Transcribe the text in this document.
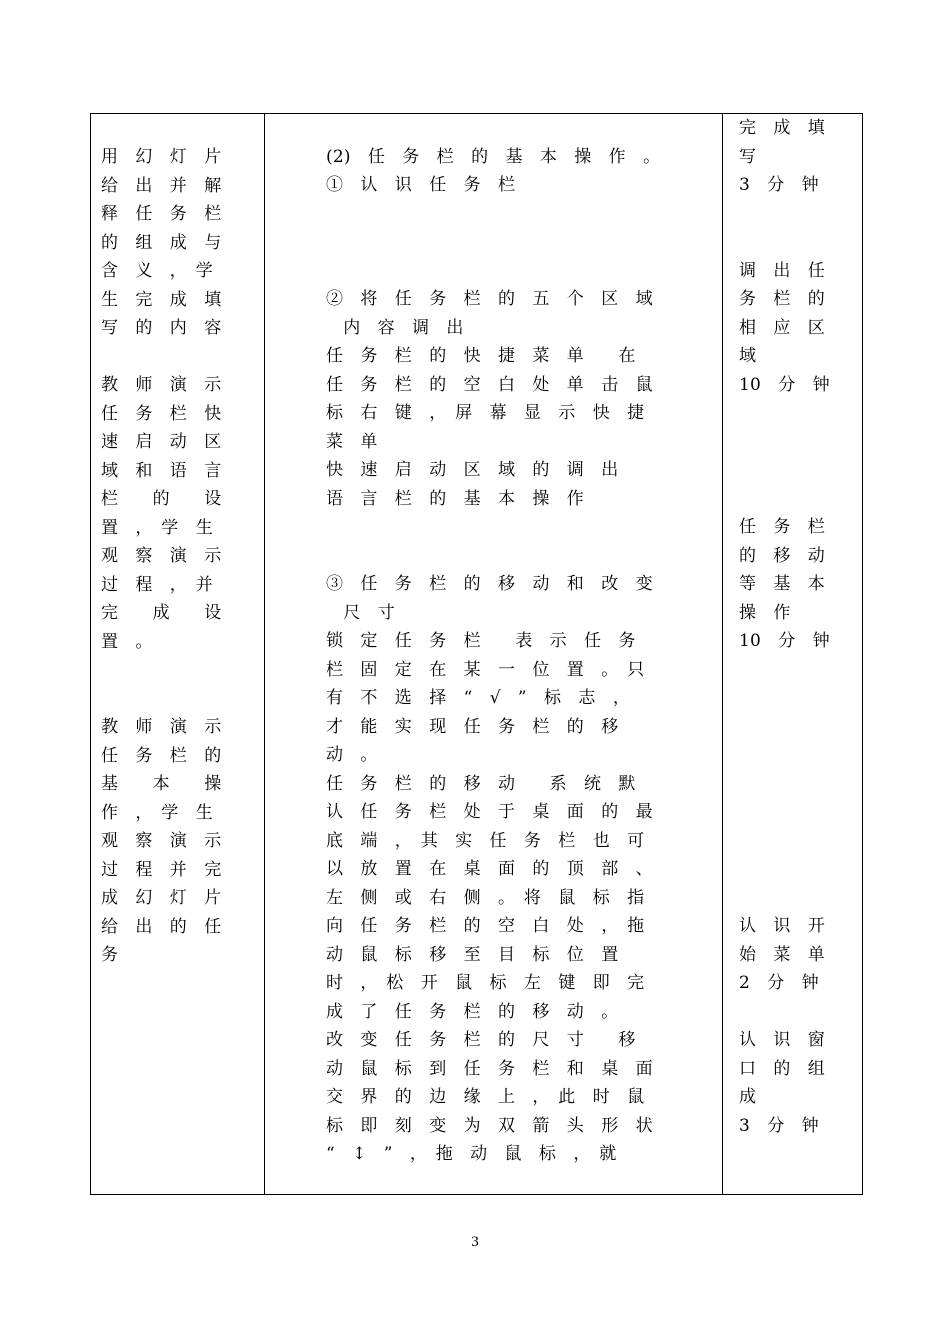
用　幻　灯　片
给　出　并　解
释　任　务　栏
的　组　成　与
含　义　，　学
生　完　成　填
写　的　内　容
教　师　演　示
任　务　栏　快
速　启　动　区
域　和　语　言
栏　　的　　设
置　，　学　生
观　察　演　示
过　程　，　并
完　　成　　设
置　。
教　师　演　示
任　务　栏　的
基　　本　　操
作　，　学　生
观　察　演　示
过　程　并　完
成　幻　灯　片
给　出　的　任
务
(2)　任　务　栏　的　基　本　操　作　。
①　认　识　任　务　栏
②　将　任　务　栏　的　五　个　区　域
　内　容　调　出
任　务　栏　的　快　捷　菜　单　　在
任　务　栏　的　空　白　处　单　击　鼠
标　右　键　，　屏　幕　显　示　快　捷
菜　单
快　速　启　动　区　域　的　调　出
语　言　栏　的　基　本　操　作
③　任　务　栏　的　移　动　和　改　变
　尺　寸
锁　定　任　务　栏　　表　示　任　务
栏　固　定　在　某　一　位　置　。　只
有　不　选　择　“　√　”　标　志　，
才　能　实　现　任　务　栏　的　移
动　。
任　务　栏　的　移　动　　系　统　默
认　任　务　栏　处　于　桌　面　的　最
底　端　，　其　实　任　务　栏　也　可
以　放　置　在　桌　面　的　顶　部　、
左　侧　或　右　侧　。　将　鼠　标　指
向　任　务　栏　的　空　白　处　，　拖
动　鼠　标　移　至　目　标　位　置
时　，　松　开　鼠　标　左　键　即　完
成　了　任　务　栏　的　移　动　。
改　变　任　务　栏　的　尺　寸　　移
动　鼠　标　到　任　务　栏　和　桌　面
交　界　的　边　缘　上　，　此　时　鼠
标　即　刻　变　为　双　箭　头　形　状
“　↕　”　，　拖　动　鼠　标　，　就
完　成　填
写
3　分　钟
调　出　任
务　栏　的
相　应　区
域
10　分　钟
任　务　栏
的　移　动
等　基　本
操　作
10　分　钟
认　识　开
始　菜　单
2　分　钟
认　识　窗
口　的　组
成
3　分　钟
3
